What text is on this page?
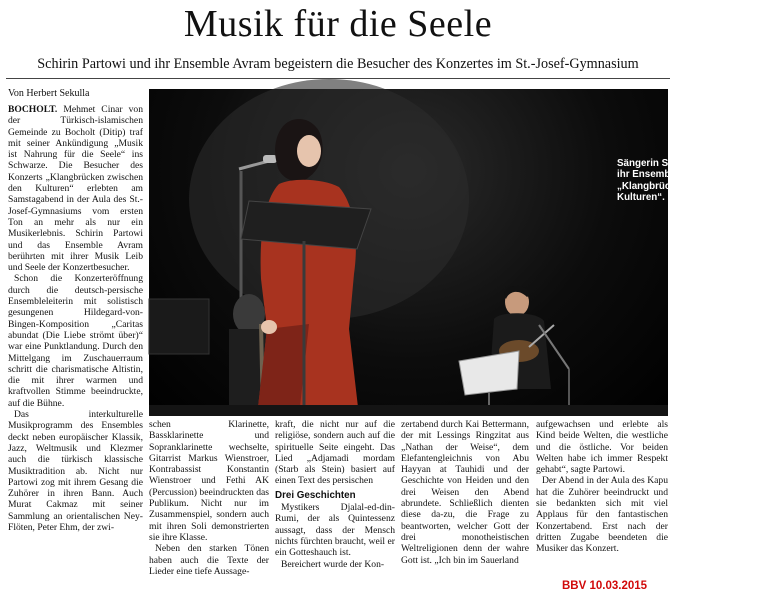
Musik für die Seele

Schirin Partowi und ihr Ensemble Avram begeistern die Besucher des Konzertes im St.-Josef-Gymnasium

Von Herbert Sekulla

BOCHOLT. Mehmet Cinar von der Türkisch-islamischen Gemeinde zu Bocholt (Ditip) traf mit seiner Ankündigung „Musik ist Nahrung für die Seele“ ins Schwarze. Die Besucher des Konzerts „Klangbrücken zwischen den Kulturen“ erlebten am Samstagabend in der Aula des St.-Josef-Gymnasiums vom ersten Ton an mehr als nur ein Musikerlebnis. Schirin Partowi und das Ensemble Avram berührten mit ihrer Musik Leib und Seele der Konzertbesucher.

Schon die Konzerteröffnung durch die deutsch-persische Ensembleleiterin mit solistisch gesungenen Hildegard-von-Bingen-Komposition „Caritas abundat (Die Liebe strömt über)“ war eine Punktlandung. Durch den Mittelgang im Zuschauerraum schritt die charismatische Altistin, die mit ihrer warmen und kraftvollen Stimme beeindruckte, auf die Bühne.

Das interkulturelle Musikprogramm des Ensembles deckt neben europäischer Klassik, Jazz, Weltmusik und Klezmer auch die türkisch klassische Musiktradition ab. Nicht nur Partowi zog mit ihrem Gesang die Zuhörer in ihren Bann. Auch Murat Cakmaz mit seiner Sammlung an orientalischen Ney-Flöten, Peter Ehm, der zwi-

Sängerin Schirin Partowi und ihr Ensemble Avram schlagen „Klangbrücken zwischen den Kulturen“.

Foto: Herbert Sekulla

schen Klarinette, Bassklarinette und Sopranklarinette wechselte, Gitarrist Markus Wienstroer, Kontrabassist Konstantin Wienstroer und Fethi AK (Percussion) beeindruckten das Publikum. Nicht nur im Zusammenspiel, sondern auch mit ihren Soli demonstrierten sie ihre Klasse.

Neben den starken Tönen haben auch die Texte der Lieder eine tiefe Aussage-

kraft, die nicht nur auf die religiöse, sondern auch auf die spirituelle Seite eingeht. Das Lied „Adjamadi mordam (Starb als Stein) basiert auf einen Text des persischen

Drei Geschichten

Mystikers Djalal-ed-din-Rumi, der als Quintessenz aussagt, dass der Mensch nichts fürchten braucht, weil er ein Gotteshauch ist.

Bereichert wurde der Kon-

zertabend durch Kai Bettermann, der mit Lessings Ringzitat aus „Nathan der Weise“, dem Elefantengleichnis von Abu Hayyan at Tauhidi und der Geschichte von Heiden und den drei Weisen den Abend abrundete. Schließlich dienten diese da-zu, die Frage zu beantworten, welcher Gott der drei monotheistischen Weltreligionen denn der wahre Gott ist. „Ich bin im Sauerland

aufgewachsen und erlebte als Kind beide Welten, die westliche und die östliche. Vor beiden Welten habe ich immer Respekt gehabt“, sagte Partowi.

Der Abend in der Aula des Kapu hat die Zuhörer beeindruckt und sie bedankten sich mit viel Applaus für den fantastischen Konzertabend. Erst nach der dritten Zugabe beendeten die Musiker das Konzert.

BBV 10.03.2015
